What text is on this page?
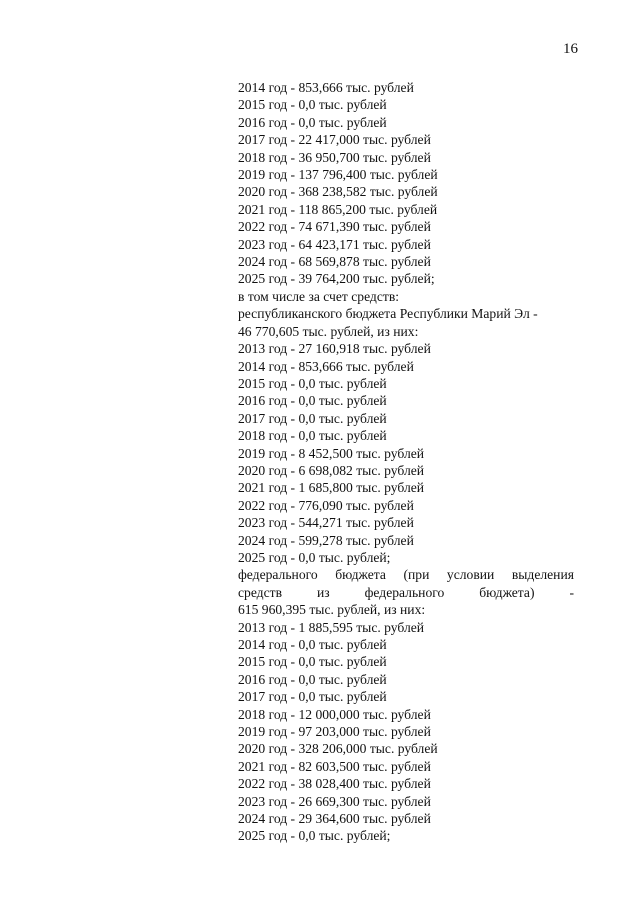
16
2014 год - 853,666 тыс. рублей
2015 год - 0,0 тыс. рублей
2016 год - 0,0 тыс. рублей
2017 год - 22 417,000 тыс. рублей
2018 год - 36 950,700 тыс. рублей
2019 год - 137 796,400 тыс. рублей
2020 год - 368 238,582 тыс. рублей
2021 год - 118 865,200 тыс. рублей
2022 год - 74 671,390 тыс. рублей
2023 год - 64 423,171 тыс. рублей
2024 год - 68 569,878 тыс. рублей
2025 год - 39 764,200 тыс. рублей;
в том числе за счет средств:
республиканского бюджета Республики Марий Эл -
46 770,605 тыс. рублей, из них:
2013 год - 27 160,918 тыс. рублей
2014 год - 853,666 тыс. рублей
2015 год - 0,0 тыс. рублей
2016 год - 0,0 тыс. рублей
2017 год - 0,0 тыс. рублей
2018 год - 0,0 тыс. рублей
2019 год - 8 452,500 тыс. рублей
2020 год - 6 698,082 тыс. рублей
2021 год - 1 685,800 тыс. рублей
2022 год - 776,090 тыс. рублей
2023 год - 544,271 тыс. рублей
2024 год - 599,278 тыс. рублей
2025 год - 0,0 тыс. рублей;
федерального бюджета (при условии выделения
средств из федерального бюджета) -
615 960,395 тыс. рублей, из них:
2013 год - 1 885,595 тыс. рублей
2014 год - 0,0 тыс. рублей
2015 год - 0,0 тыс. рублей
2016 год - 0,0 тыс. рублей
2017 год - 0,0 тыс. рублей
2018 год - 12 000,000 тыс. рублей
2019 год - 97 203,000 тыс. рублей
2020 год - 328 206,000 тыс. рублей
2021 год - 82 603,500 тыс. рублей
2022 год - 38 028,400 тыс. рублей
2023 год - 26 669,300 тыс. рублей
2024 год - 29 364,600 тыс. рублей
2025 год - 0,0 тыс. рублей;
